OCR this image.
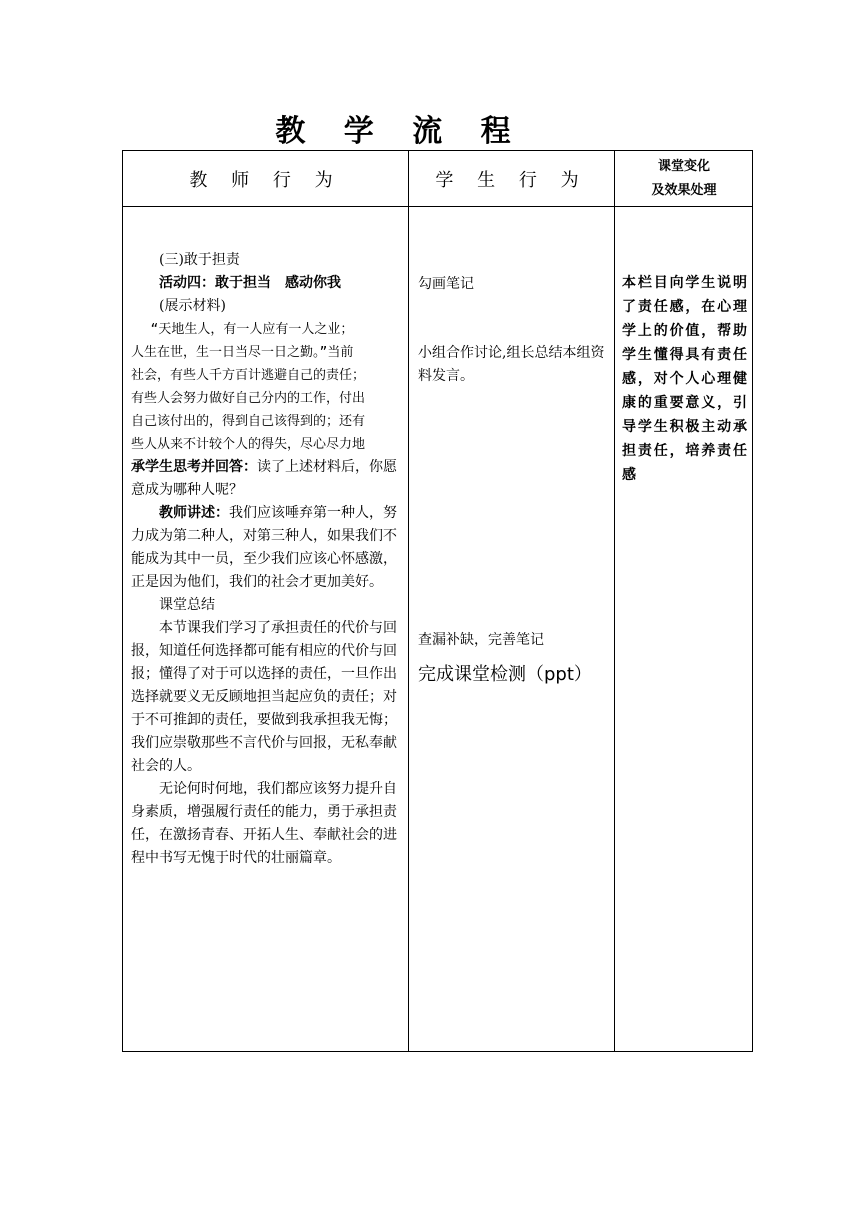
教 学 流 程
教 师 行 为	学 生 行 为
课堂变化
及效果处理

(三)敢于担责

活动四：敢于担当　感动你我

(展示材料)

“天地生人，有一人应有一人之业；

人生在世，生一日当尽一日之勤。”当前

社会，有些人千方百计逃避自己的责任；

有些人会努力做好自己分内的工作，付出

自己该付出的，得到自己该得到的；还有

些人从来不计较个人的得失，尽心尽力地

承学生思考并回答：读了上述材料后，你愿意成为哪种人呢？

教师讲述：我们应该唾弃第一种人，努力成为第二种人，对第三种人，如果我们不能成为其中一员，至少我们应该心怀感激，正是因为他们，我们的社会才更加美好。

课堂总结

本节课我们学习了承担责任的代价与回报，知道任何选择都可能有相应的代价与回报；懂得了对于可以选择的责任，一旦作出选择就要义无反顾地担当起应负的责任；对于不可推卸的责任，要做到我承担我无悔；我们应崇敬那些不言代价与回报，无私奉献社会的人。

无论何时何地，我们都应该努力提升自身素质，增强履行责任的能力，勇于承担责任，在激扬青春、开拓人生、奉献社会的进程中书写无愧于时代的壮丽篇章。

勾画笔记

小组合作讨论,组长总结本组资料发言。

查漏补缺，完善笔记

完成课堂检测（ppt）

本栏目向学生说明了责任感，在心理学上的价值，帮助学生懂得具有责任感，对个人心理健康的重要意义，引导学生积极主动承担责任，培养责任感
